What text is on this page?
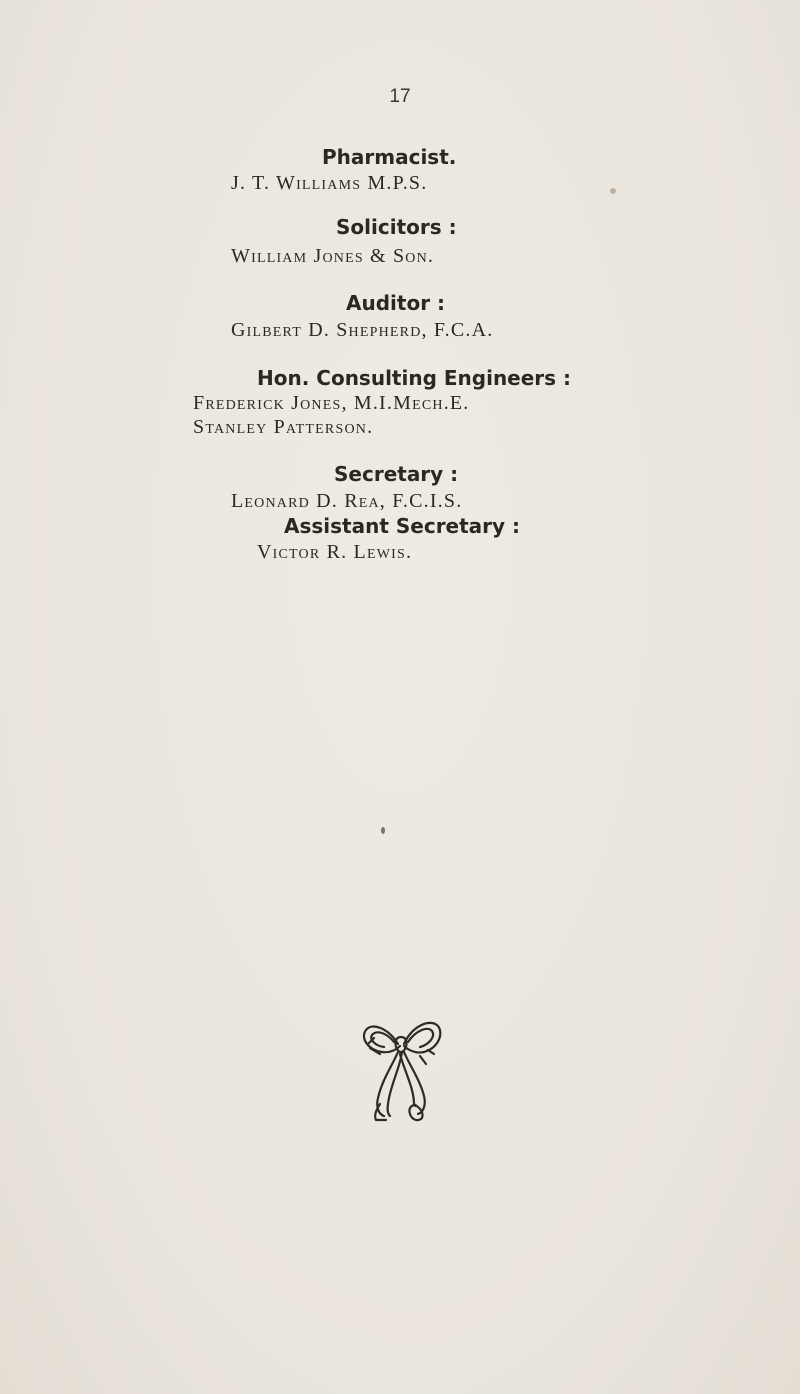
17
Pharmacist.
J. T. Williams M.P.S.
Solicitors :
William Jones & Son.
Auditor :
Gilbert D. Shepherd, F.C.A.
Hon. Consulting Engineers :
Frederick Jones, M.I.Mech.E.
Stanley Patterson.
Secretary :
Leonard D. Rea, F.C.I.S.
Assistant Secretary :
Victor R. Lewis.
